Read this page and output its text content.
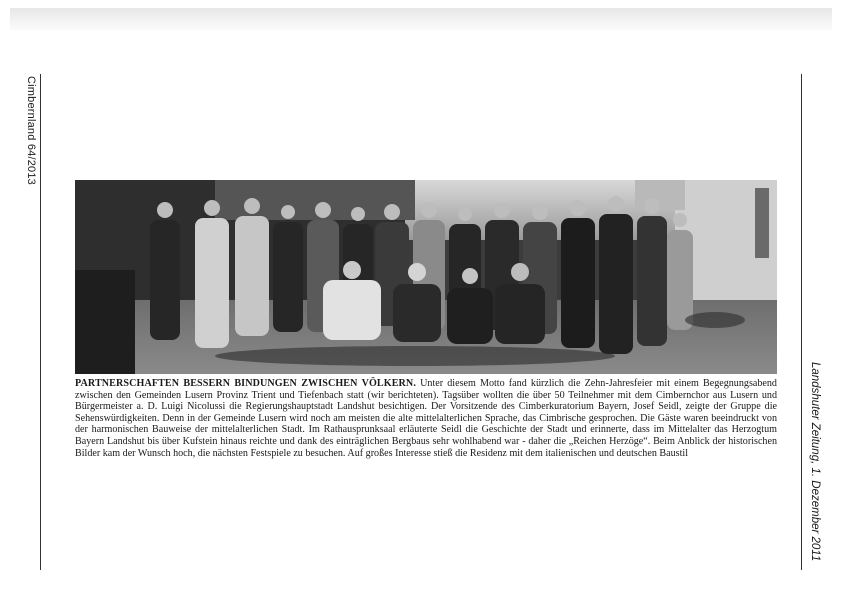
Cimbernland 64/2013
Landshuter Zeitung, 1. Dezember 2011

PARTNERSCHAFTEN BESSERN BINDUNGEN ZWISCHEN VÖLKERN. Unter diesem Motto fand kürzlich die Zehn-Jahresfeier mit einem Begegnungsabend zwischen den Gemeinden Lusern Provinz Trient und Tiefenbach statt (wir berichteten). Tagsüber wollten die über 50 Teilnehmer mit dem Cimbernchor aus Lusern und Bürgermeister a. D. Luigi Nicolussi die Regierungshauptstadt Landshut besichtigen. Der Vorsitzende des Cimberkuratorium Bayern, Josef Seidl, zeigte der Gruppe die Sehenswürdigkeiten. Denn in der Gemeinde Lusern wird noch am meisten die alte mittelalterlichen Sprache, das Cimbrische gesprochen. Die Gäste waren beeindruckt von der harmonischen Bauweise der mittelalterlichen Stadt. Im Rathausprunksaal erläuterte Seidl die Geschichte der Stadt und erinnerte, dass im Mittelalter das Herzogtum Bayern Landshut bis über Kufstein hinaus reichte und dank des einträglichen Bergbaus sehr wohlhabend war - daher die „Reichen Herzöge“. Beim Anblick der historischen Bilder kam der Wunsch hoch, die nächsten Festspiele zu besuchen. Auf großes Interesse stieß die Residenz mit dem italienischen und deutschen Baustil
